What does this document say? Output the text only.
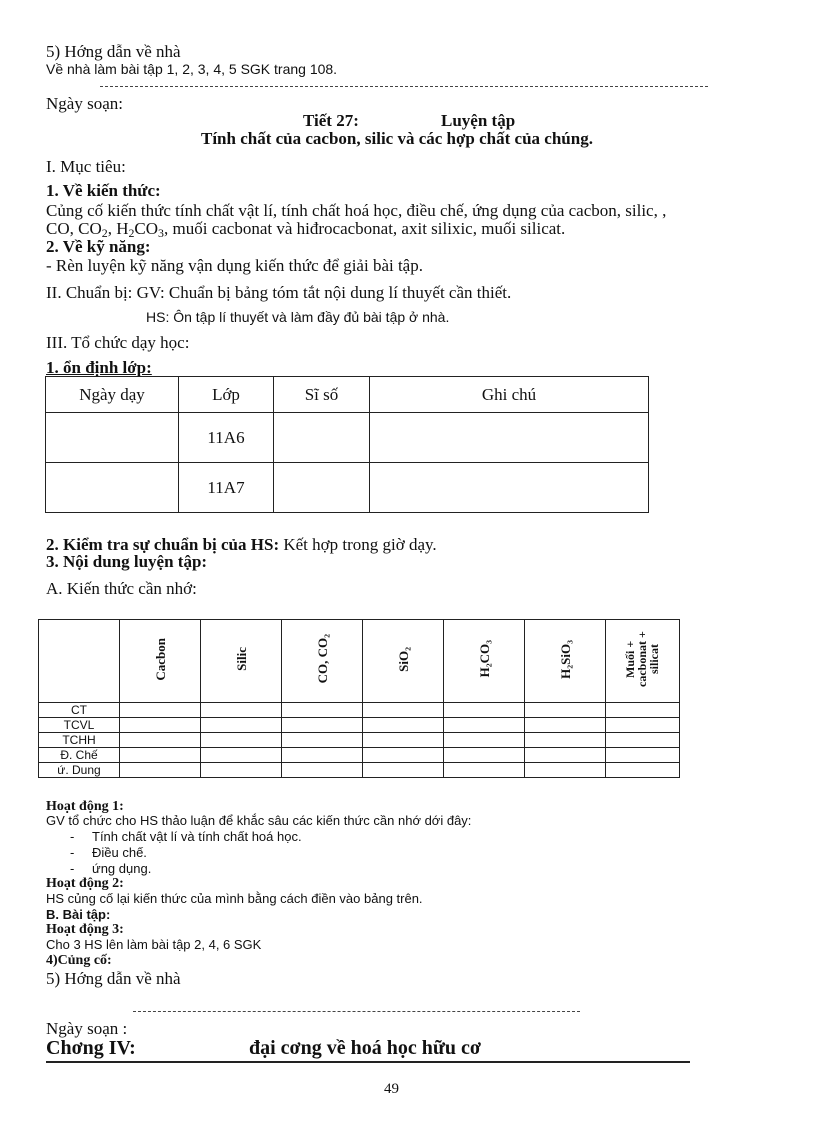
5) Hớng dẫn về nhà
Về nhà làm bài tập 1, 2, 3, 4, 5 SGK trang 108.
Ngày soạn:
Tiết 27:	Luyện tập
Tính chất của cacbon, silic và các hợp chất của chúng.
I. Mục tiêu:
1. Về kiến thức:
Củng cố kiến thức tính chất vật lí, tính chất hoá học, điều chế, ứng dụng của cacbon, silic, ,
CO, $CO_2$, $H_2CO_3$, muối cacbonat và hiđrocacbonat, axit silixic, muối silicat.
2. Về kỹ năng:
- Rèn luyện kỹ năng vận dụng kiến thức để giải bài tập.
II. Chuẩn bị: GV: Chuẩn bị bảng tóm tắt nội dung lí thuyết cần thiết.
HS: Ôn tập lí thuyết và làm đầy đủ bài tập ở nhà.
III. Tổ chức dạy học:
1. ổn định lớp:
Ngày dạy	Lớp	Sĩ số	Ghi chú
	11A6		
	11A7		
2. Kiểm tra sự chuẩn bị của HS: Kết hợp trong giờ dạy.
3. Nội dung luyện tập:
A. Kiến thức cần nhớ:
	Cacbon	Silic	CO, CO₂	SiO₂	H₂CO₃	H₂SiO₃	Muối + cacbonat + silicat
CT							
TCVL							
TCHH							
Đ. Chế							
ứ. Dung							
Hoạt động 1:
GV tổ chức cho HS thảo luận để khắc sâu các kiến thức cần nhớ dới đây:
- Tính chất vật lí và tính chất hoá học.
- Điều chế.
- ứng dụng.
Hoạt động 2:
HS củng cố lại kiến thức của mình bằng cách điền vào bảng trên.
B. Bài tập:
Hoạt động 3:
Cho 3 HS lên làm bài tập 2, 4, 6 SGK
4)Củng cố:
5) Hớng dẫn về nhà
Ngày soạn :
Chơng IV:	đại cơng về hoá học hữu cơ
49
